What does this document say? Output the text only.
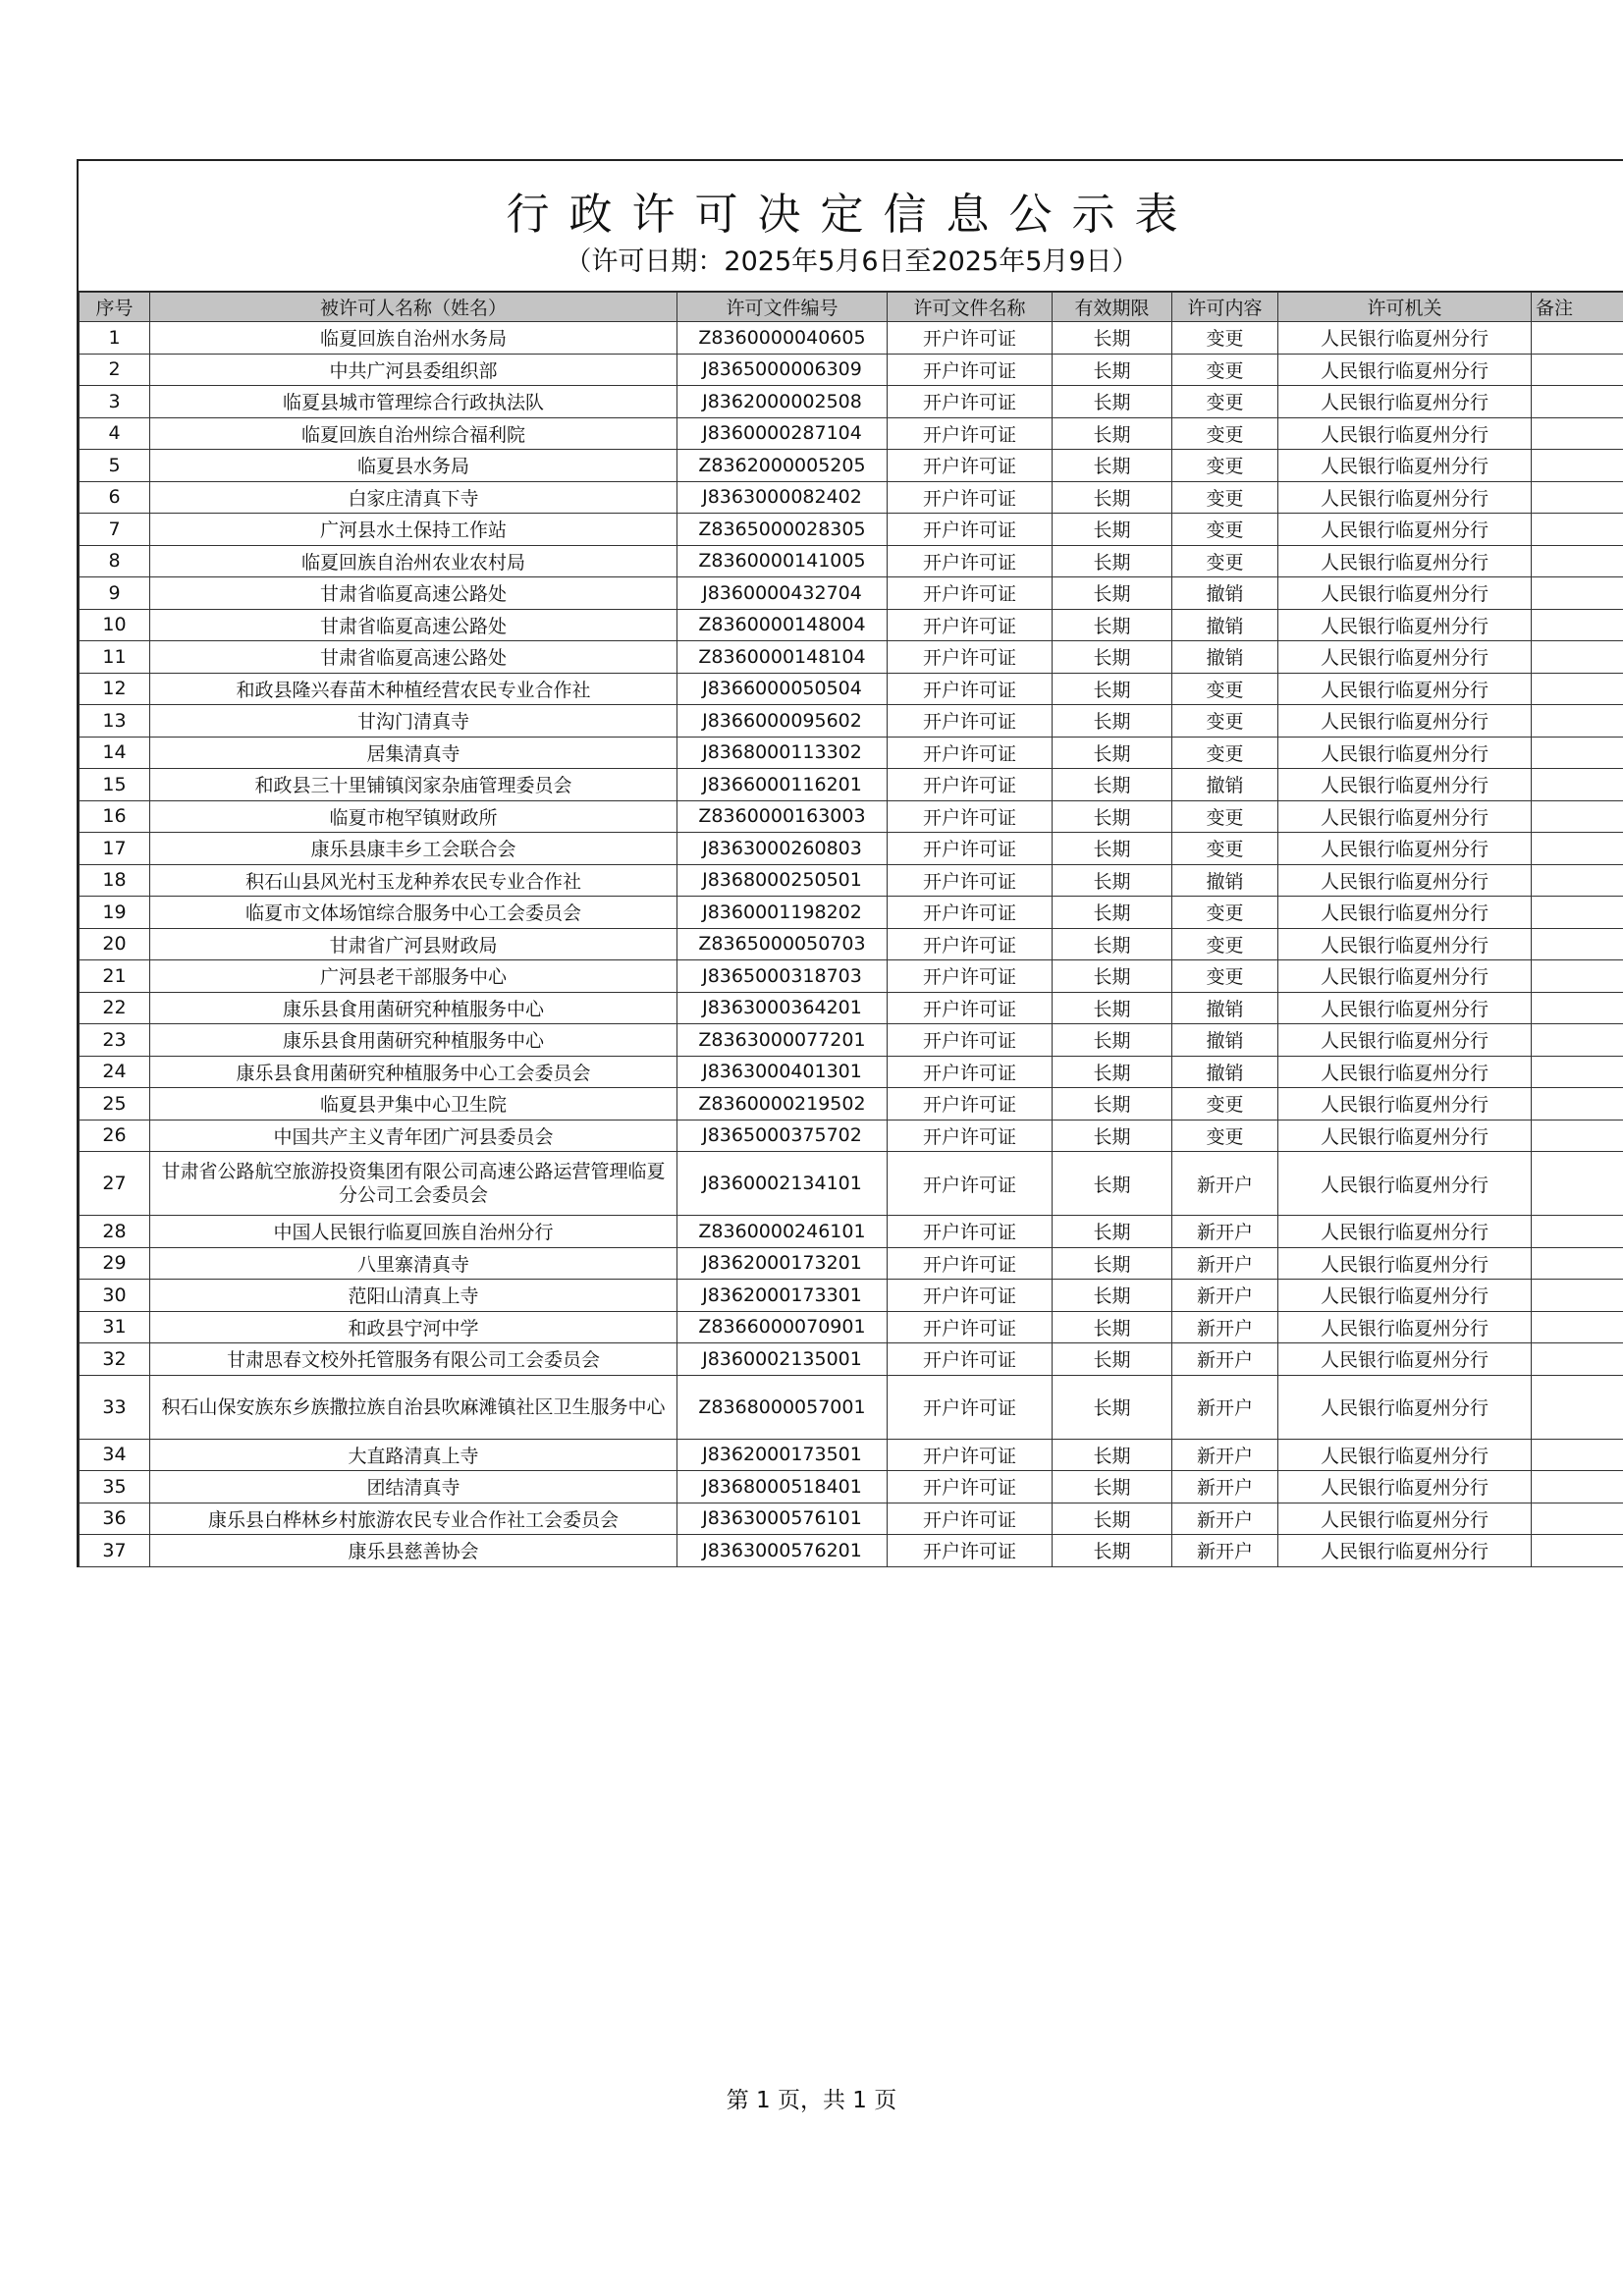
行政许可决定信息公示表
（许可日期：2025年5月6日至2025年5月9日）
序号	被许可人名称（姓名）	许可文件编号	许可文件名称	有效期限	许可内容	许可机关	备注
1	临夏回族自治州水务局	Z8360000040605	开户许可证	长期	变更	人民银行临夏州分行	
2	中共广河县委组织部	J8365000006309	开户许可证	长期	变更	人民银行临夏州分行	
3	临夏县城市管理综合行政执法队	J8362000002508	开户许可证	长期	变更	人民银行临夏州分行	
4	临夏回族自治州综合福利院	J8360000287104	开户许可证	长期	变更	人民银行临夏州分行	
5	临夏县水务局	Z8362000005205	开户许可证	长期	变更	人民银行临夏州分行	
6	白家庄清真下寺	J8363000082402	开户许可证	长期	变更	人民银行临夏州分行	
7	广河县水土保持工作站	Z8365000028305	开户许可证	长期	变更	人民银行临夏州分行	
8	临夏回族自治州农业农村局	Z8360000141005	开户许可证	长期	变更	人民银行临夏州分行	
9	甘肃省临夏高速公路处	J8360000432704	开户许可证	长期	撤销	人民银行临夏州分行	
10	甘肃省临夏高速公路处	Z8360000148004	开户许可证	长期	撤销	人民银行临夏州分行	
11	甘肃省临夏高速公路处	Z8360000148104	开户许可证	长期	撤销	人民银行临夏州分行	
12	和政县隆兴春苗木种植经营农民专业合作社	J8366000050504	开户许可证	长期	变更	人民银行临夏州分行	
13	甘沟门清真寺	J8366000095602	开户许可证	长期	变更	人民银行临夏州分行	
14	居集清真寺	J8368000113302	开户许可证	长期	变更	人民银行临夏州分行	
15	和政县三十里铺镇闵家杂庙管理委员会	J8366000116201	开户许可证	长期	撤销	人民银行临夏州分行	
16	临夏市枹罕镇财政所	Z8360000163003	开户许可证	长期	变更	人民银行临夏州分行	
17	康乐县康丰乡工会联合会	J8363000260803	开户许可证	长期	变更	人民银行临夏州分行	
18	积石山县风光村玉龙种养农民专业合作社	J8368000250501	开户许可证	长期	撤销	人民银行临夏州分行	
19	临夏市文体场馆综合服务中心工会委员会	J8360001198202	开户许可证	长期	变更	人民银行临夏州分行	
20	甘肃省广河县财政局	Z8365000050703	开户许可证	长期	变更	人民银行临夏州分行	
21	广河县老干部服务中心	J8365000318703	开户许可证	长期	变更	人民银行临夏州分行	
22	康乐县食用菌研究种植服务中心	J8363000364201	开户许可证	长期	撤销	人民银行临夏州分行	
23	康乐县食用菌研究种植服务中心	Z8363000077201	开户许可证	长期	撤销	人民银行临夏州分行	
24	康乐县食用菌研究种植服务中心工会委员会	J8363000401301	开户许可证	长期	撤销	人民银行临夏州分行	
25	临夏县尹集中心卫生院	Z8360000219502	开户许可证	长期	变更	人民银行临夏州分行	
26	中国共产主义青年团广河县委员会	J8365000375702	开户许可证	长期	变更	人民银行临夏州分行	
27	甘肃省公路航空旅游投资集团有限公司高速公路运营管理临夏分公司工会委员会	J8360002134101	开户许可证	长期	新开户	人民银行临夏州分行	
28	中国人民银行临夏回族自治州分行	Z8360000246101	开户许可证	长期	新开户	人民银行临夏州分行	
29	八里寨清真寺	J8362000173201	开户许可证	长期	新开户	人民银行临夏州分行	
30	范阳山清真上寺	J8362000173301	开户许可证	长期	新开户	人民银行临夏州分行	
31	和政县宁河中学	Z8366000070901	开户许可证	长期	新开户	人民银行临夏州分行	
32	甘肃思春文校外托管服务有限公司工会委员会	J8360002135001	开户许可证	长期	新开户	人民银行临夏州分行	
33	积石山保安族东乡族撒拉族自治县吹麻滩镇社区卫生服务中心	Z8368000057001	开户许可证	长期	新开户	人民银行临夏州分行	
34	大直路清真上寺	J8362000173501	开户许可证	长期	新开户	人民银行临夏州分行	
35	团结清真寺	J8368000518401	开户许可证	长期	新开户	人民银行临夏州分行	
36	康乐县白桦林乡村旅游农民专业合作社工会委员会	J8363000576101	开户许可证	长期	新开户	人民银行临夏州分行	
37	康乐县慈善协会	J8363000576201	开户许可证	长期	新开户	人民银行临夏州分行	
第 1 页，共 1 页
